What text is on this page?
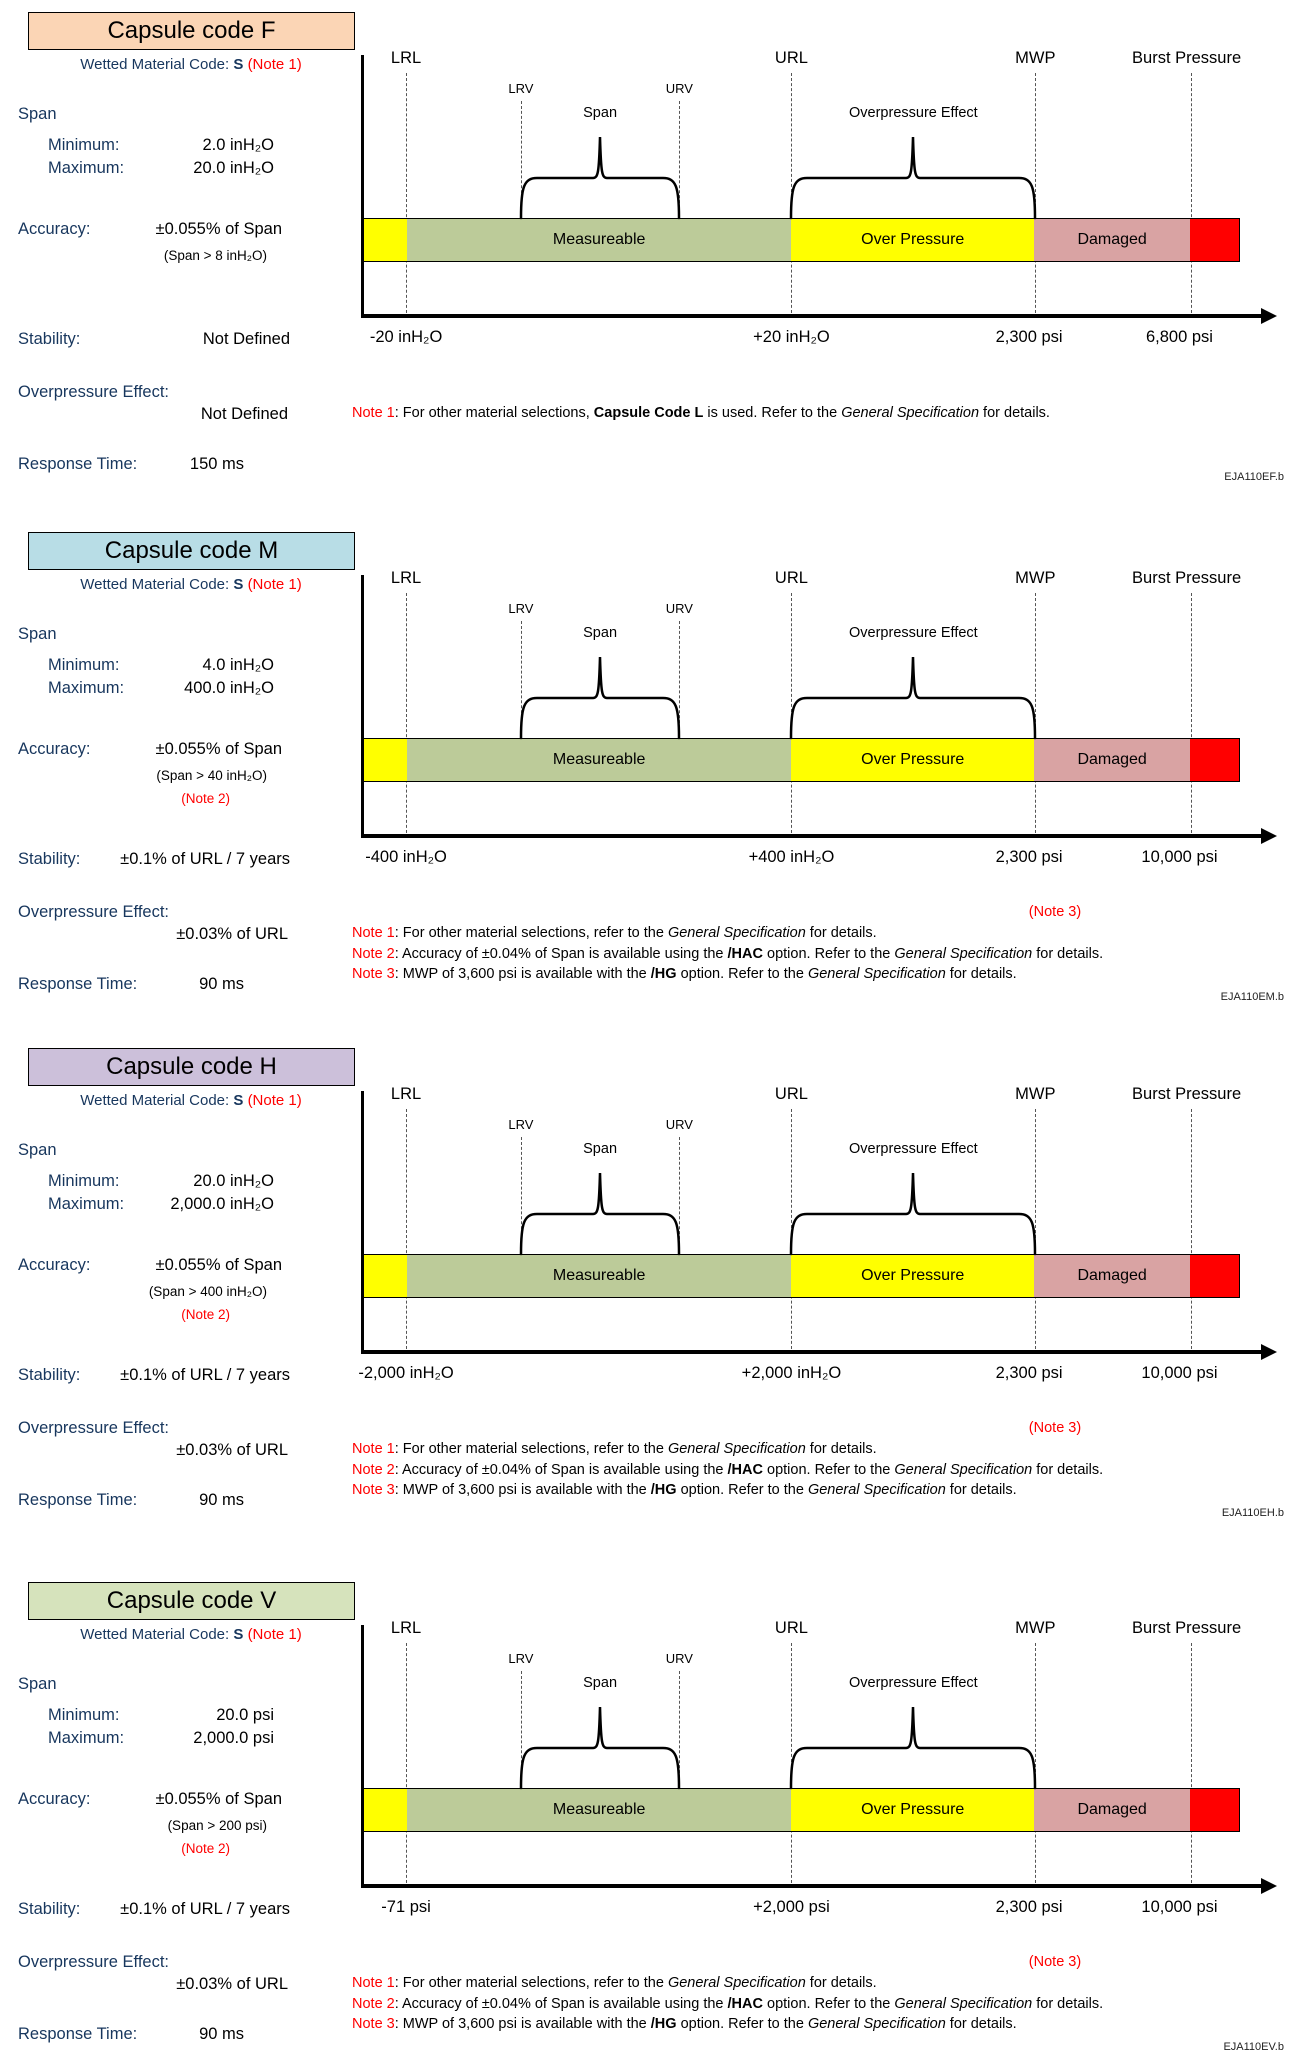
Capsule code F
Wetted Material Code: S (Note 1)
Span
Minimum:	2.0 inH₂O
Maximum:	20.0 inH₂O
Accuracy:	±0.055% of Span
(Span > 8 inH₂O)
Stability:	Not Defined
Overpressure Effect:
Not Defined
Response Time:	150 ms
LRL	URL	MWP	Burst Pressure
LRV	URV
Span	Overpressure Effect
Measureable	Over Pressure	Damaged
-20 inH₂O	+20 inH₂O	2,300 psi	6,800 psi
Note 1: For other material selections, Capsule Code L is used. Refer to the General Specification for details.
EJA110EF.b
Capsule code M
Wetted Material Code: S (Note 1)
Span
Minimum:	4.0 inH₂O
Maximum:	400.0 inH₂O
Accuracy:	±0.055% of Span
(Span > 40 inH₂O)
(Note 2)
Stability: ±0.1% of URL / 7 years
Overpressure Effect:
±0.03% of URL
Response Time:	90 ms
LRL	URL	MWP	Burst Pressure
LRV	URV
Span	Overpressure Effect
Measureable	Over Pressure	Damaged
-400 inH₂O	+400 inH₂O	2,300 psi	10,000 psi
(Note 3)
Note 1: For other material selections, refer to the General Specification for details.
Note 2: Accuracy of ±0.04% of Span is available using the /HAC option. Refer to the General Specification for details.
Note 3: MWP of 3,600 psi is available with the /HG option. Refer to the General Specification for details.
EJA110EM.b
Capsule code H
Wetted Material Code: S (Note 1)
Span
Minimum:	20.0 inH₂O
Maximum:	2,000.0 inH₂O
Accuracy:	±0.055% of Span
(Span > 400 inH₂O)
(Note 2)
Stability: ±0.1% of URL / 7 years
Overpressure Effect:
±0.03% of URL
Response Time:	90 ms
LRL	URL	MWP	Burst Pressure
LRV	URV
Span	Overpressure Effect
Measureable	Over Pressure	Damaged
-2,000 inH₂O	+2,000 inH₂O	2,300 psi	10,000 psi
(Note 3)
Note 1: For other material selections, refer to the General Specification for details.
Note 2: Accuracy of ±0.04% of Span is available using the /HAC option. Refer to the General Specification for details.
Note 3: MWP of 3,600 psi is available with the /HG option. Refer to the General Specification for details.
EJA110EH.b
Capsule code V
Wetted Material Code: S (Note 1)
Span
Minimum:	20.0 psi
Maximum:	2,000.0 psi
Accuracy:	±0.055% of Span
(Span > 200 psi)
(Note 2)
Stability: ±0.1% of URL / 7 years
Overpressure Effect:
±0.03% of URL
Response Time:	90 ms
LRL	URL	MWP	Burst Pressure
LRV	URV
Span	Overpressure Effect
Measureable	Over Pressure	Damaged
-71 psi	+2,000 psi	2,300 psi	10,000 psi
(Note 3)
Note 1: For other material selections, refer to the General Specification for details.
Note 2: Accuracy of ±0.04% of Span is available using the /HAC option. Refer to the General Specification for details.
Note 3: MWP of 3,600 psi is available with the /HG option. Refer to the General Specification for details.
EJA110EV.b
